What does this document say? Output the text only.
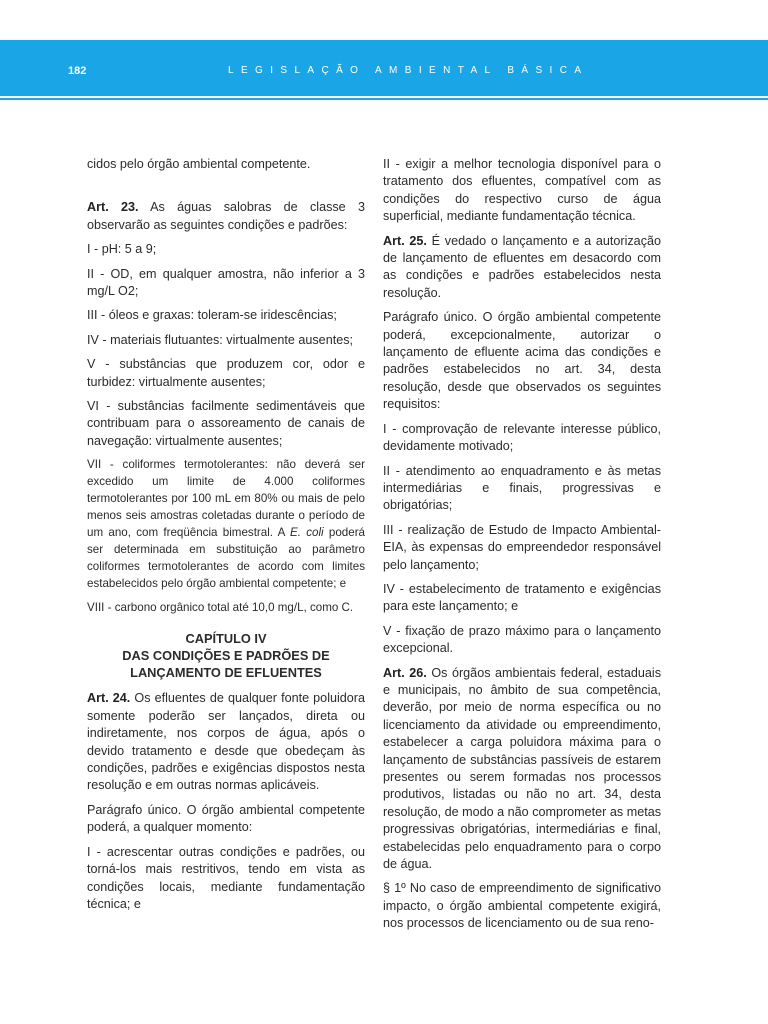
182	LEGISLAÇÃO AMBIENTAL BÁSICA

cidos pelo órgão ambiental competente.

Art. 23. As águas salobras de classe 3 observarão as seguintes condições e padrões:

I - pH: 5 a 9;

II - OD, em qualquer amostra, não inferior a 3 mg/L O2;

III - óleos e graxas: toleram-se iridescências;

IV - materiais flutuantes: virtualmente ausentes;

V - substâncias que produzem cor, odor e turbidez: virtualmente ausentes;

VI - substâncias facilmente sedimentáveis que contribuam para o assoreamento de canais de navegação: virtualmente ausentes;

VII - coliformes termotolerantes: não deverá ser excedido um limite de 4.000 coliformes termotolerantes por 100 mL em 80% ou mais de pelo menos seis amostras coletadas durante o período de um ano, com freqüência bimestral. A E. coli poderá ser determinada em substituição ao parâmetro coliformes termotolerantes de acordo com limites estabelecidos pelo órgão ambiental competente; e

VIII - carbono orgânico total até 10,0 mg/L, como C.

CAPÍTULO IV
DAS CONDIÇÕES E PADRÕES DE
LANÇAMENTO DE EFLUENTES

Art. 24. Os efluentes de qualquer fonte poluidora somente poderão ser lançados, direta ou indiretamente, nos corpos de água, após o devido tratamento e desde que obedeçam às condições, padrões e exigências dispostos nesta resolução e em outras normas aplicáveis.

Parágrafo único. O órgão ambiental competente poderá, a qualquer momento:

I - acrescentar outras condições e padrões, ou torná-los mais restritivos, tendo em vista as condições locais, mediante fundamentação técnica; e

II - exigir a melhor tecnologia disponível para o tratamento dos efluentes, compatível com as condições do respectivo curso de água superficial, mediante fundamentação técnica.

Art. 25. É vedado o lançamento e a autorização de lançamento de efluentes em desacordo com as condições e padrões estabelecidos nesta resolução.

Parágrafo único. O órgão ambiental competente poderá, excepcionalmente, autorizar o lançamento de efluente acima das condições e padrões estabelecidos no art. 34, desta resolução, desde que observados os seguintes requisitos:

I - comprovação de relevante interesse público, devidamente motivado;

II - atendimento ao enquadramento e às metas intermediárias e finais, progressivas e obrigatórias;

III - realização de Estudo de Impacto Ambiental-EIA, às expensas do empreendedor responsável pelo lançamento;

IV - estabelecimento de tratamento e exigências para este lançamento; e

V - fixação de prazo máximo para o lançamento excepcional.

Art. 26. Os órgãos ambientais federal, estaduais e municipais, no âmbito de sua competência, deverão, por meio de norma específica ou no licenciamento da atividade ou empreendimento, estabelecer a carga poluidora máxima para o lançamento de substâncias passíveis de estarem presentes ou serem formadas nos processos produtivos, listadas ou não no art. 34, desta resolução, de modo a não comprometer as metas progressivas obrigatórias, intermediárias e final, estabelecidas pelo enquadramento para o corpo de água.

§ 1º No caso de empreendimento de significativo impacto, o órgão ambiental competente exigirá, nos processos de licenciamento ou de sua reno-
